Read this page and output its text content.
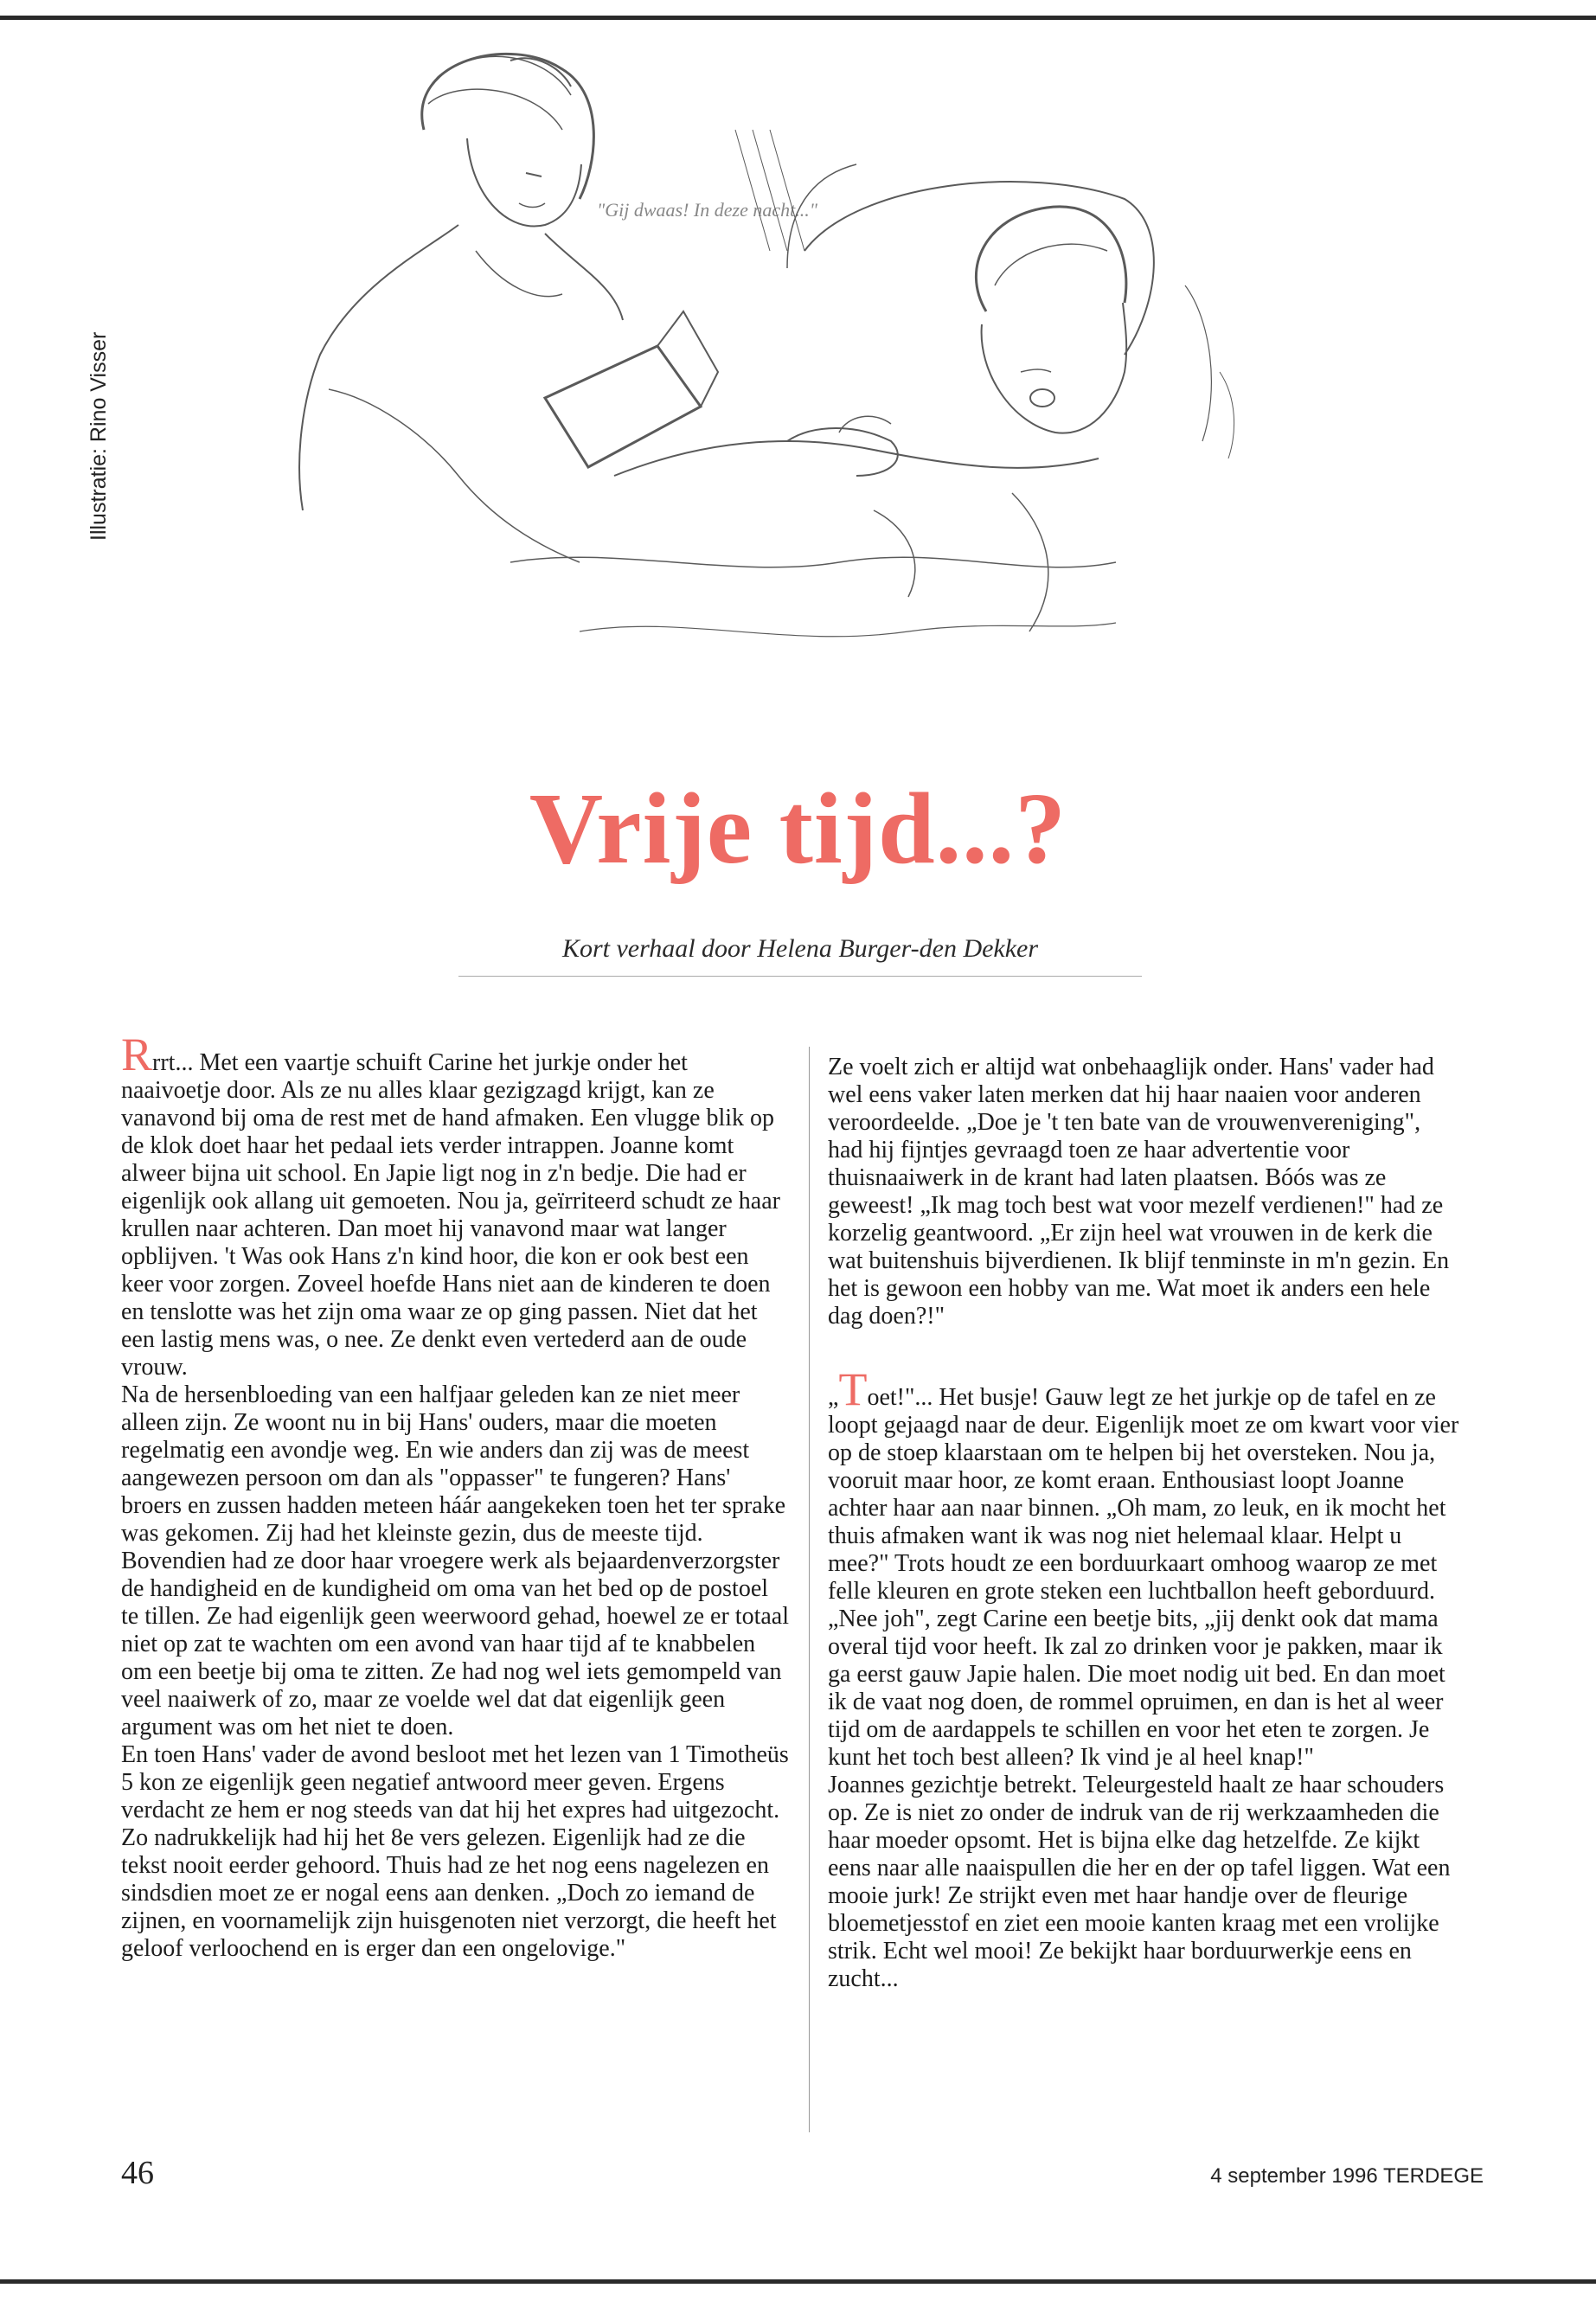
Illustratie: Rino Visser
"Gij dwaas! In deze nacht..."
Vrije tijd...?
Kort verhaal door Helena Burger-den Dekker

Rrrt... Met een vaartje schuift Carine het jurkje onder het naaivoetje door. Als ze nu alles klaar gezigzagd krijgt, kan ze vanavond bij oma de rest met de hand afmaken. Een vlugge blik op de klok doet haar het pedaal iets verder intrappen. Joanne komt alweer bijna uit school. En Japie ligt nog in z'n bedje. Die had er eigenlijk ook allang uit gemoeten. Nou ja, geïrriteerd schudt ze haar krullen naar achteren. Dan moet hij vanavond maar wat langer opblijven. 't Was ook Hans z'n kind hoor, die kon er ook best een keer voor zorgen. Zoveel hoefde Hans niet aan de kinderen te doen en tenslotte was het zijn oma waar ze op ging passen. Niet dat het een lastig mens was, o nee. Ze denkt even vertederd aan de oude vrouw.

Na de hersenbloeding van een halfjaar geleden kan ze niet meer alleen zijn. Ze woont nu in bij Hans' ouders, maar die moeten regelmatig een avondje weg. En wie anders dan zij was de meest aangewezen persoon om dan als "oppasser" te fungeren? Hans' broers en zussen hadden meteen háár aangekeken toen het ter sprake was gekomen. Zij had het kleinste gezin, dus de meeste tijd. Bovendien had ze door haar vroegere werk als bejaardenverzorgster de handigheid en de kundigheid om oma van het bed op de postoel te tillen. Ze had eigenlijk geen weerwoord gehad, hoewel ze er totaal niet op zat te wachten om een avond van haar tijd af te knabbelen om een beetje bij oma te zitten. Ze had nog wel iets gemompeld van veel naaiwerk of zo, maar ze voelde wel dat dat eigenlijk geen argument was om het niet te doen.

En toen Hans' vader de avond besloot met het lezen van 1 Timotheüs 5 kon ze eigenlijk geen negatief antwoord meer geven. Ergens verdacht ze hem er nog steeds van dat hij het expres had uitgezocht. Zo nadrukkelijk had hij het 8e vers gelezen. Eigenlijk had ze die tekst nooit eerder gehoord. Thuis had ze het nog eens nagelezen en sindsdien moet ze er nogal eens aan denken. „Doch zo iemand de zijnen, en voornamelijk zijn huisgenoten niet verzorgt, die heeft het geloof verloochend en is erger dan een ongelovige."

Ze voelt zich er altijd wat onbehaaglijk onder. Hans' vader had wel eens vaker laten merken dat hij haar naaien voor anderen veroordeelde. „Doe je 't ten bate van de vrouwenvereniging", had hij fijntjes gevraagd toen ze haar advertentie voor thuisnaaiwerk in de krant had laten plaatsen. Bóós was ze geweest! „Ik mag toch best wat voor mezelf verdienen!" had ze korzelig geantwoord. „Er zijn heel wat vrouwen in de kerk die wat buitenshuis bijverdienen. Ik blijf tenminste in m'n gezin. En het is gewoon een hobby van me. Wat moet ik anders een hele dag doen?!"

„Toet!"... Het busje! Gauw legt ze het jurkje op de tafel en ze loopt gejaagd naar de deur. Eigenlijk moet ze om kwart voor vier op de stoep klaarstaan om te helpen bij het oversteken. Nou ja, vooruit maar hoor, ze komt eraan. Enthousiast loopt Joanne achter haar aan naar binnen. „Oh mam, zo leuk, en ik mocht het thuis afmaken want ik was nog niet helemaal klaar. Helpt u mee?" Trots houdt ze een borduurkaart omhoog waarop ze met felle kleuren en grote steken een luchtballon heeft geborduurd.

„Nee joh", zegt Carine een beetje bits, „jij denkt ook dat mama overal tijd voor heeft. Ik zal zo drinken voor je pakken, maar ik ga eerst gauw Japie halen. Die moet nodig uit bed. En dan moet ik de vaat nog doen, de rommel opruimen, en dan is het al weer tijd om de aardappels te schillen en voor het eten te zorgen. Je kunt het toch best alleen? Ik vind je al heel knap!"

Joannes gezichtje betrekt. Teleurgesteld haalt ze haar schouders op. Ze is niet zo onder de indruk van de rij werkzaamheden die haar moeder opsomt. Het is bijna elke dag hetzelfde. Ze kijkt eens naar alle naaispullen die her en der op tafel liggen. Wat een mooie jurk! Ze strijkt even met haar handje over de fleurige bloemetjesstof en ziet een mooie kanten kraag met een vrolijke strik. Echt wel mooi! Ze bekijkt haar borduurwerkje eens en zucht...

46	4 september 1996 TERDEGE
